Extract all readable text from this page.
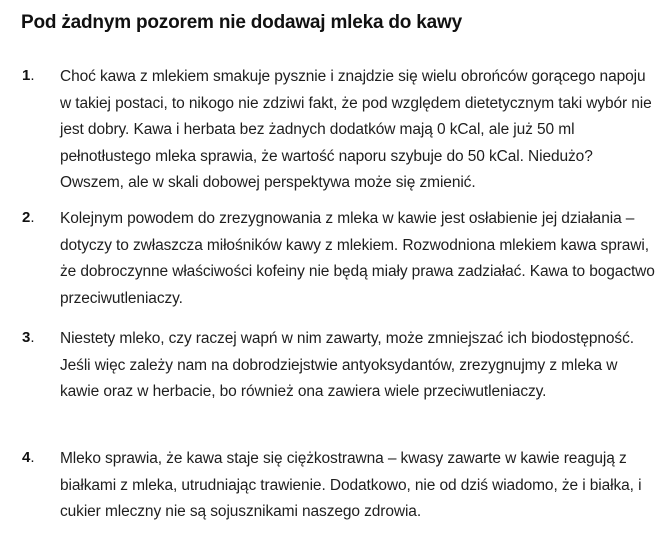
Pod żadnym pozorem nie dodawaj mleka do kawy
1. Choć kawa z mlekiem smakuje pysznie i znajdzie się wielu obrońców gorącego napoju w takiej postaci, to nikogo nie zdziwi fakt, że pod względem dietetycznym taki wybór nie jest dobry. Kawa i herbata bez żadnych dodatków mają 0 kCal, ale już 50 ml pełnotłustego mleka sprawia, że wartość naporu szybuje do 50 kCal. Niedużo? Owszem, ale w skali dobowej perspektywa może się zmienić.

2. Kolejnym powodem do zrezygnowania z mleka w kawie jest osłabienie jej działania – dotyczy to zwłaszcza miłośników kawy z mlekiem. Rozwodniona mlekiem kawa sprawi, że dobroczynne właściwości kofeiny nie będą miały prawa zadziałać. Kawa to bogactwo przeciwutleniaczy.

3. Niestety mleko, czy raczej wapń w nim zawarty, może zmniejszać ich biodostępność. Jeśli więc zależy nam na dobrodziejstwie antyoksydantów, zrezygnujmy z mleka w kawie oraz w herbacie, bo również ona zawiera wiele przeciwutleniaczy.

4. Mleko sprawia, że kawa staje się ciężkostrawna – kwasy zawarte w kawie reagują z białkami z mleka, utrudniając trawienie. Dodatkowo, nie od dziś wiadomo, że i białka, i cukier mleczny nie są sojusznikami naszego zdrowia.
